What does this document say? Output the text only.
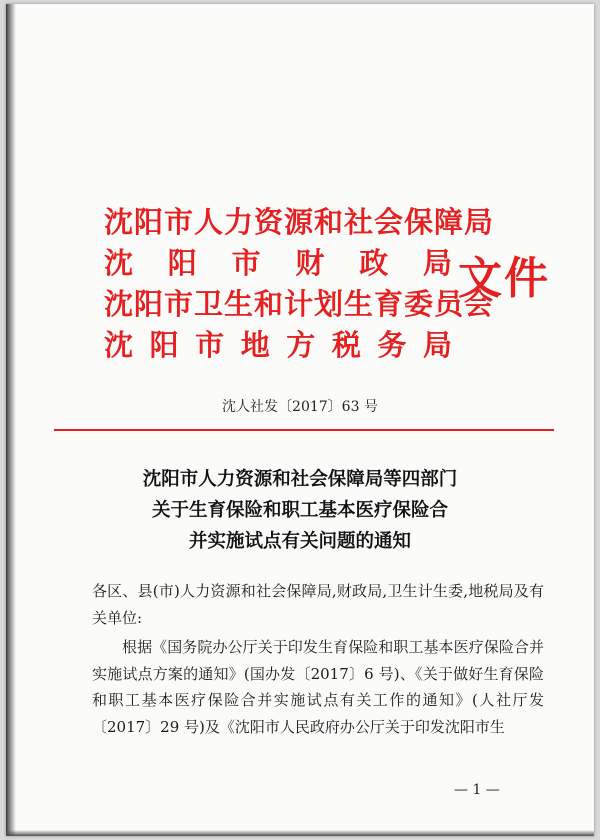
沈阳市人力资源和社会保障局
沈阳市财政局
沈阳市卫生和计划生育委员会
沈阳市地方税务局
文件
沈人社发〔2017〕63 号
沈阳市人力资源和社会保障局等四部门
关于生育保险和职工基本医疗保险合
并实施试点有关问题的通知

各区、县(市)人力资源和社会保障局,财政局,卫生计生委,地税局及有关单位:

根据《国务院办公厅关于印发生育保险和职工基本医疗保险合并实施试点方案的通知》(国办发〔2017〕6 号)、《关于做好生育保险和职工基本医疗保险合并实施试点有关工作的通知》(人社厅发〔2017〕29 号)及《沈阳市人民政府办公厅关于印发沈阳市生

— 1 —
